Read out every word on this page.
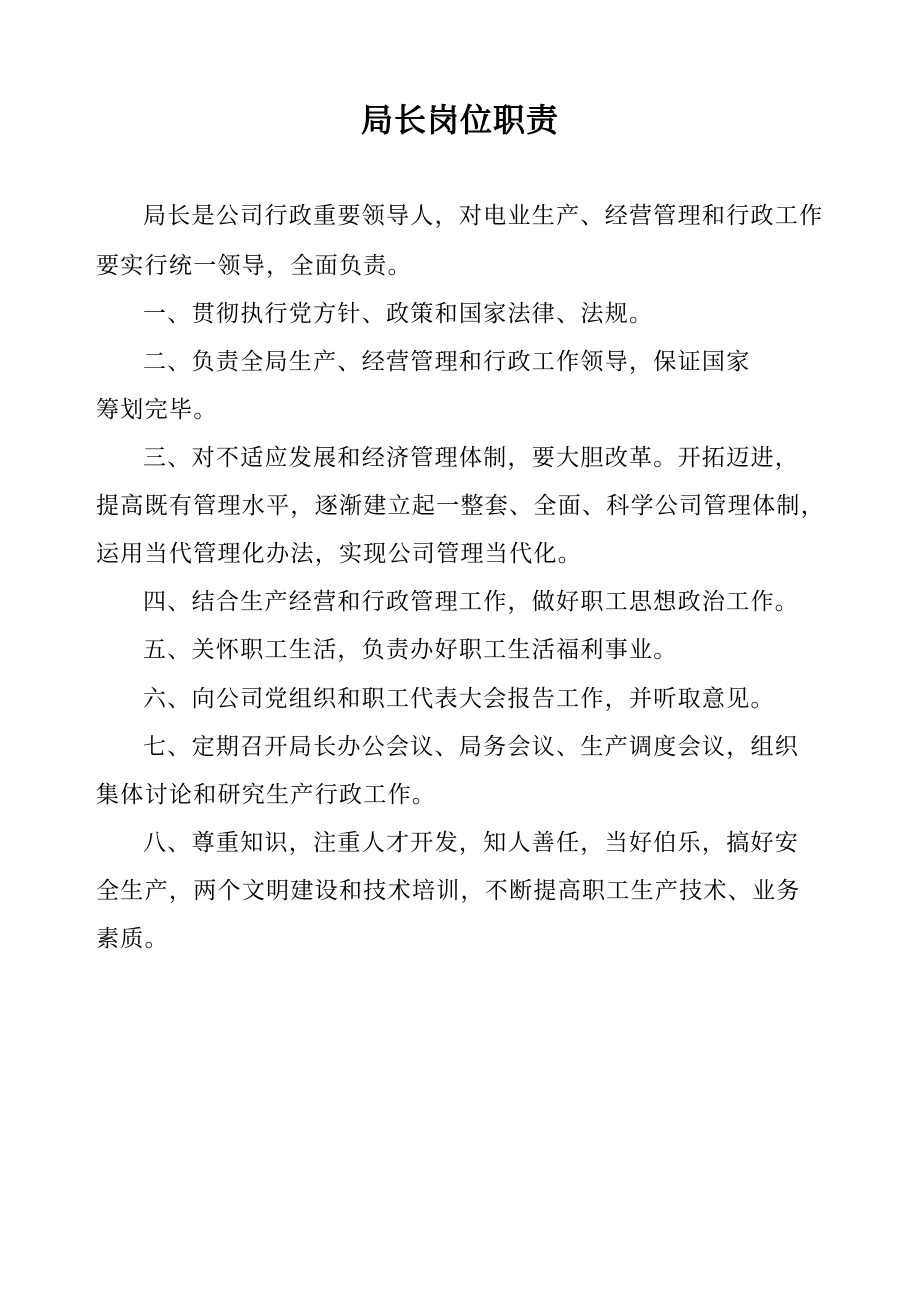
局长岗位职责

局长是公司行政重要领导人，对电业生产、经营管理和行政工作

要实行统一领导，全面负责。

一、贯彻执行党方针、政策和国家法律、法规。

二、负责全局生产、经营管理和行政工作领导，保证国家

筹划完毕。

三、对不适应发展和经济管理体制，要大胆改革。开拓迈进，

提高既有管理水平，逐渐建立起一整套、全面、科学公司管理体制，

运用当代管理化办法，实现公司管理当代化。

四、结合生产经营和行政管理工作，做好职工思想政治工作。

五、关怀职工生活，负责办好职工生活福利事业。

六、向公司党组织和职工代表大会报告工作，并听取意见。

七、定期召开局长办公会议、局务会议、生产调度会议，组织

集体讨论和研究生产行政工作。

八、尊重知识，注重人才开发，知人善任，当好伯乐，搞好安

全生产，两个文明建设和技术培训，不断提高职工生产技术、业务

素质。
